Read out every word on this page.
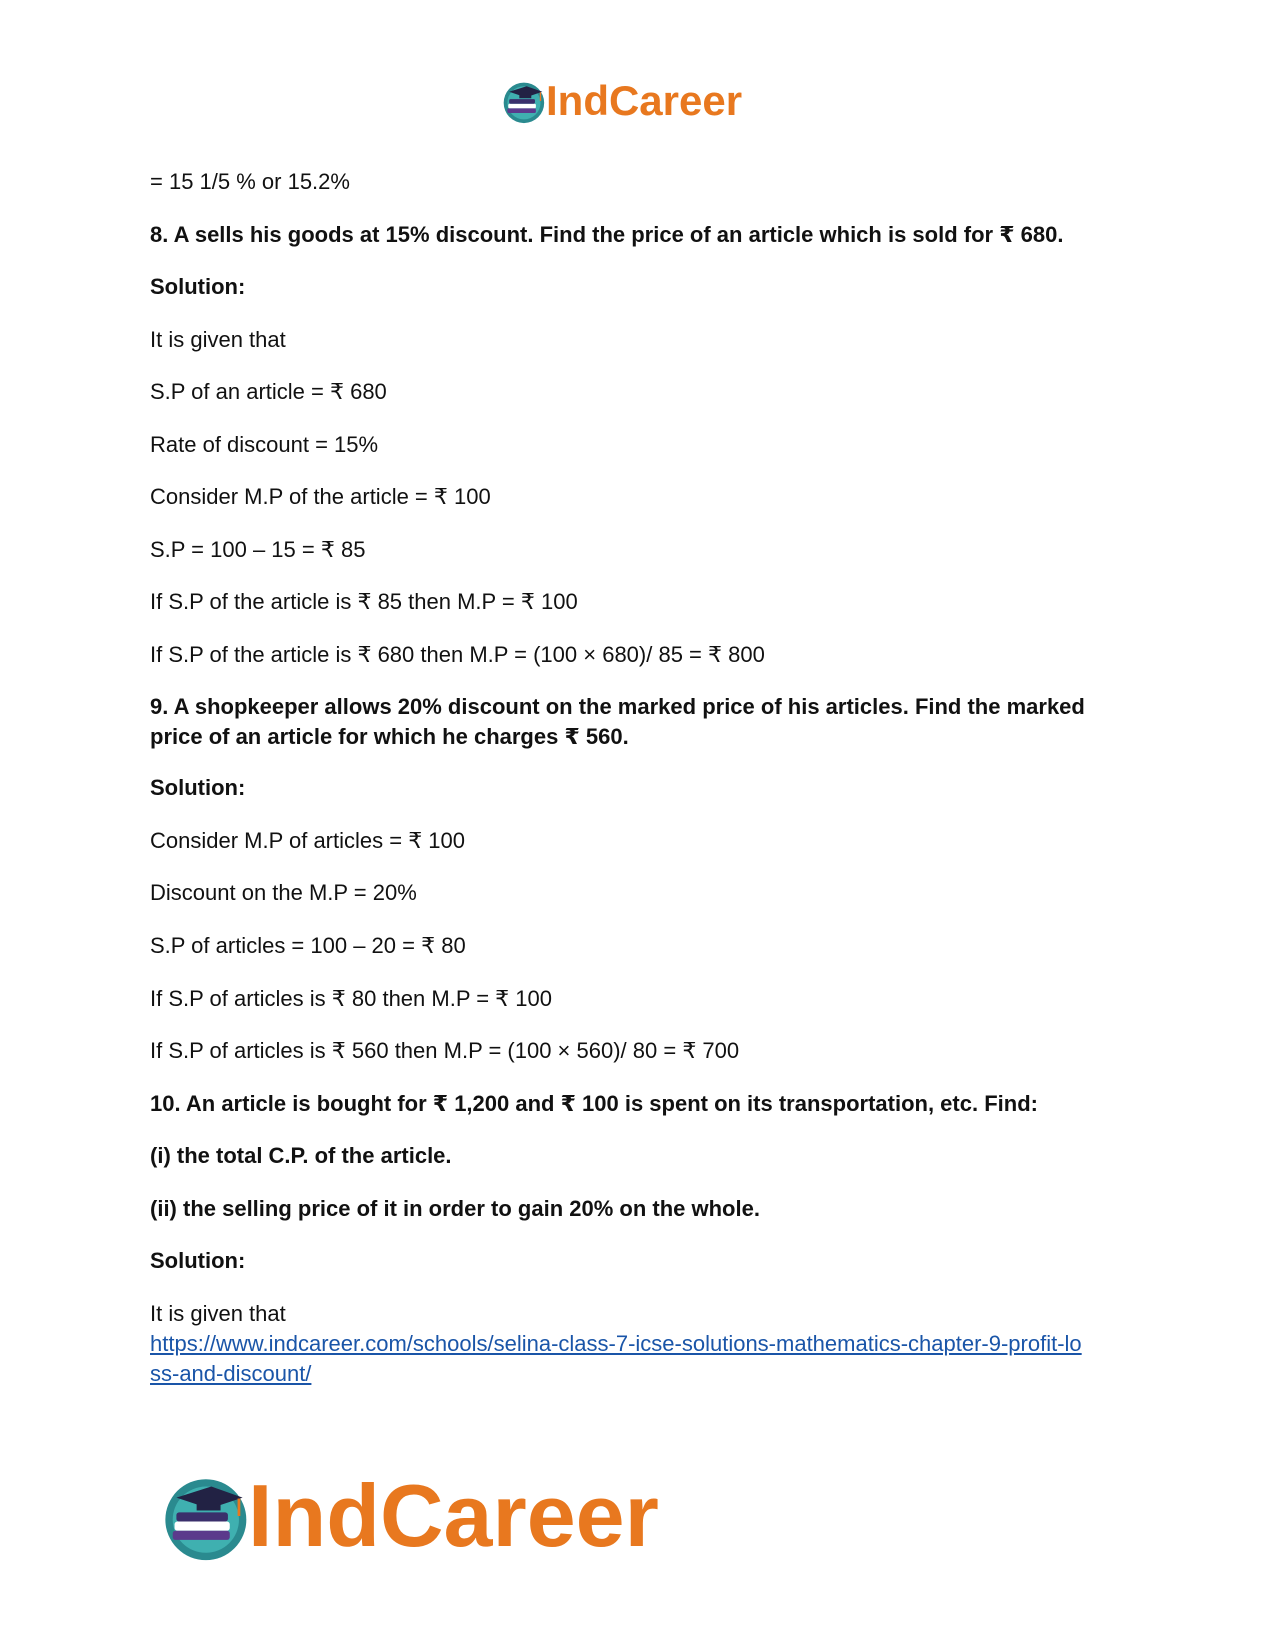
IndCareer
= 15 1/5 % or 15.2%
8. A sells his goods at 15% discount. Find the price of an article which is sold for ₹ 680.
Solution:
It is given that
S.P of an article = ₹ 680
Rate of discount = 15%
Consider M.P of the article = ₹ 100
S.P = 100 – 15 = ₹ 85
If S.P of the article is ₹ 85 then M.P = ₹ 100
If S.P of the article is ₹ 680 then M.P = (100 × 680)/ 85 = ₹ 800
9. A shopkeeper allows 20% discount on the marked price of his articles. Find the marked price of an article for which he charges ₹ 560.
Solution:
Consider M.P of articles = ₹ 100
Discount on the M.P = 20%
S.P of articles = 100 – 20 = ₹ 80
If S.P of articles is ₹ 80 then M.P = ₹ 100
If S.P of articles is ₹ 560 then M.P = (100 × 560)/ 80 = ₹ 700
10. An article is bought for ₹ 1,200 and ₹ 100 is spent on its transportation, etc. Find:
(i) the total C.P. of the article.
(ii) the selling price of it in order to gain 20% on the whole.
Solution:
It is given that
https://www.indcareer.com/schools/selina-class-7-icse-solutions-mathematics-chapter-9-profit-lo
ss-and-discount/
IndCareer
